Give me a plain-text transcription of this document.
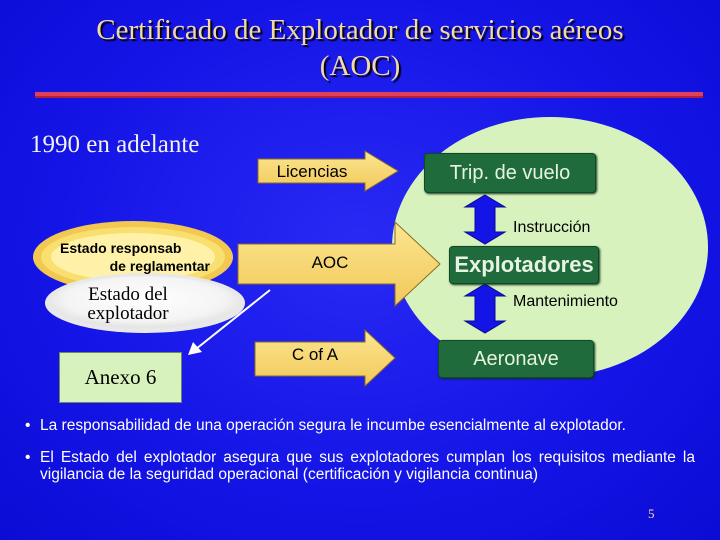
Certificado de Explotador de servicios aéreos
(AOC)
1990 en adelante
Licencias
AOC
C of A
Trip. de vuelo
Explotadores
Aeronave
Instrucción
Mantenimiento
Estado responsab
de reglamentar
Estado del
explotador
Anexo 6
• La responsabilidad de una operación segura le incumbe esencialmente al explotador.
• El Estado del explotador asegura que sus explotadores cumplan los requisitos mediante la vigilancia de la seguridad operacional (certificación y vigilancia continua)
5
